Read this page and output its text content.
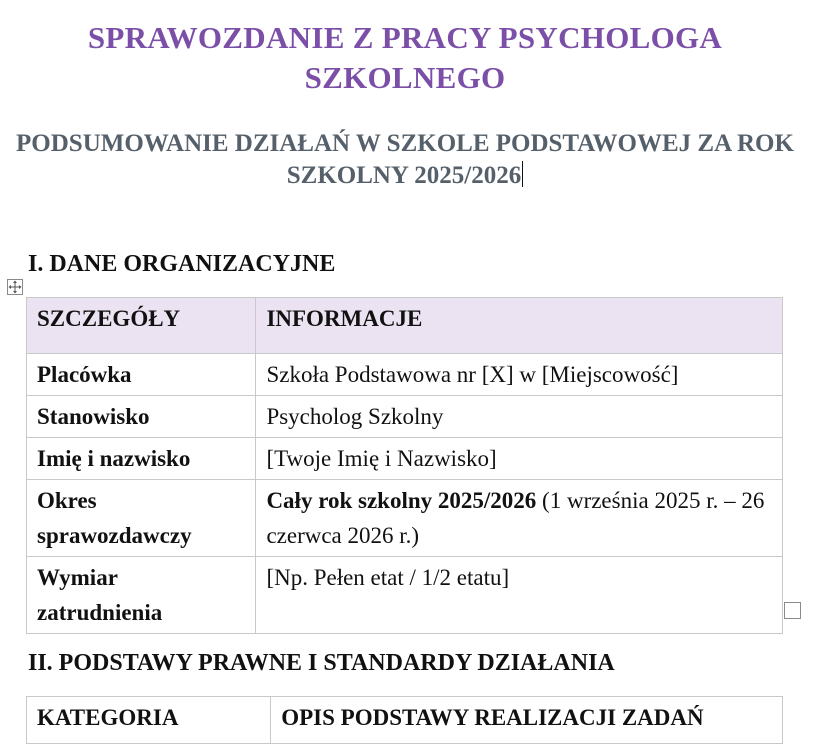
SPRAWOZDANIE Z PRACY PSYCHOLOGA SZKOLNEGO
PODSUMOWANIE DZIAŁAŃ W SZKOLE PODSTAWOWEJ ZA ROK SZKOLNY 2025/2026
I. DANE ORGANIZACYJNE
SZCZEGÓŁY	INFORMACJE
Placówka	Szkoła Podstawowa nr [X] w [Miejscowość]
Stanowisko	Psycholog Szkolny
Imię i nazwisko	[Twoje Imię i Nazwisko]
Okres sprawozdawczy	Cały rok szkolny 2025/2026 (1 września 2025 r. – 26 czerwca 2026 r.)
Wymiar zatrudnienia	[Np. Pełen etat / 1/2 etatu]
II. PODSTAWY PRAWNE I STANDARDY DZIAŁANIA
KATEGORIA	OPIS PODSTAWY REALIZACJI ZADAŃ
